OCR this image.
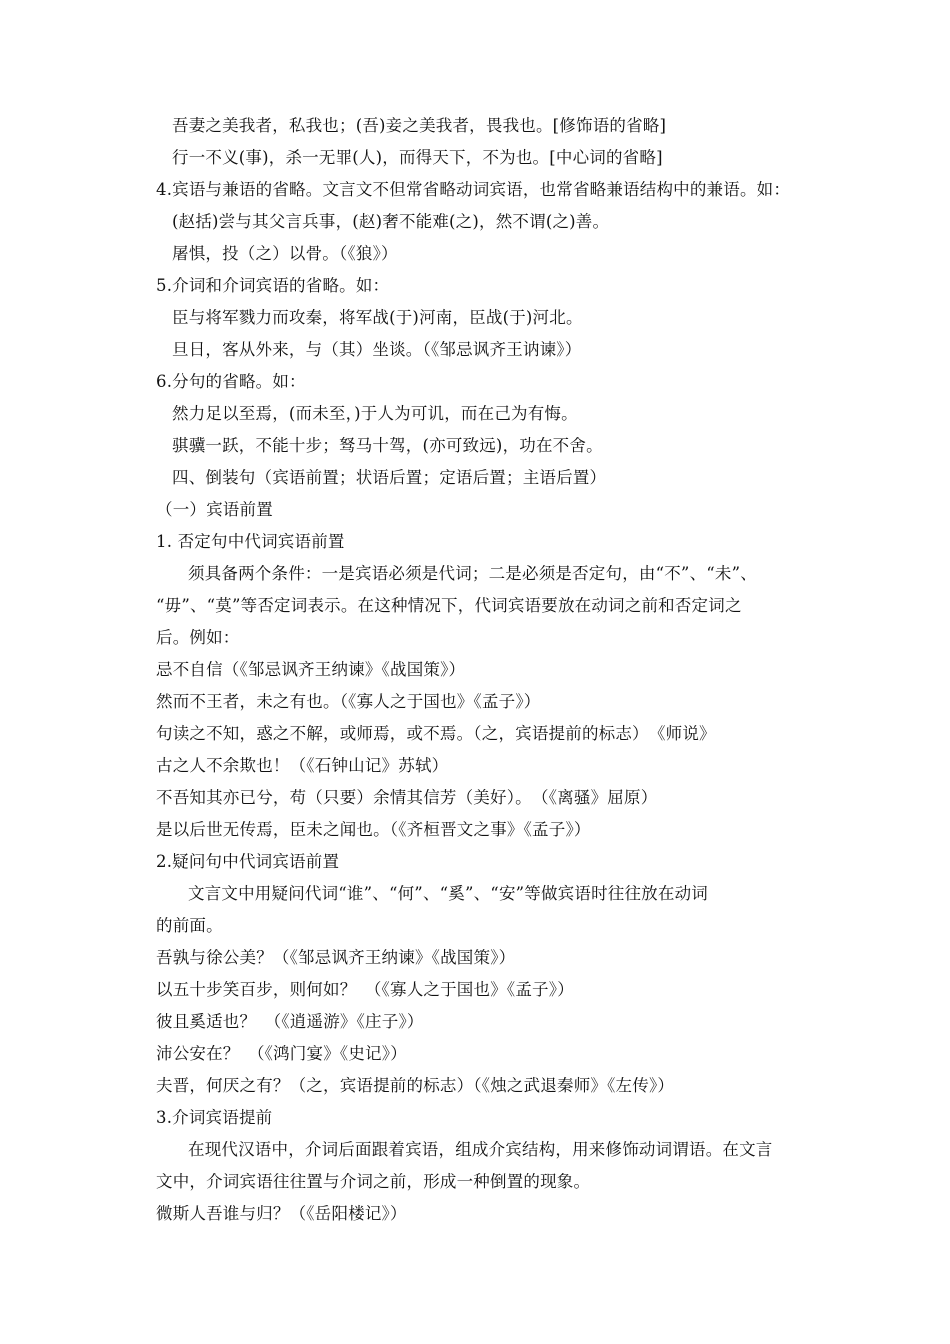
吾妻之美我者，私我也；(吾)妾之美我者，畏我也。[修饰语的省略]

行一不义(事)，杀一无罪(人)，而得天下，不为也。[中心词的省略]

4.宾语与兼语的省略。文言文不但常省略动词宾语，也常省略兼语结构中的兼语。如：

(赵括)尝与其父言兵事，(赵)奢不能难(之)，然不谓(之)善。

屠惧，投（之）以骨。（《狼》）

5.介词和介词宾语的省略。如：

臣与将军戮力而攻秦，将军战(于)河南，臣战(于)河北。

旦日，客从外来，与（其）坐谈。（《邹忌讽齐王讷谏》）

6.分句的省略。如：

然力足以至焉，(而未至，)于人为可讥，而在己为有悔。

骐骥一跃，不能十步；驽马十驾，(亦可致远)，功在不舍。

四、倒装句（宾语前置；状语后置；定语后置；主语后置）

（一）宾语前置

1. 否定句中代词宾语前置

须具备两个条件：一是宾语必须是代词；二是必须是否定句，由“不”、“未”、

“毋”、“莫”等否定词表示。在这种情况下，代词宾语要放在动词之前和否定词之

后。例如：

忌不自信（《邹忌讽齐王纳谏》《战国策》）

然而不王者，未之有也。（《寡人之于国也》《孟子》）

句读之不知，惑之不解，或师焉，或不焉。（之，宾语提前的标志）　《师说》

古之人不余欺也！（《石钟山记》苏轼）

不吾知其亦已兮，苟（只要）余情其信芳（美好）。　（《离骚》屈原）

是以后世无传焉，臣未之闻也。（《齐桓晋文之事》《孟子》）

2.疑问句中代词宾语前置

文言文中用疑问代词“谁”、“何”、“奚”、“安”等做宾语时往往放在动词

的前面。

吾孰与徐公美？（《邹忌讽齐王纳谏》《战国策》）

以五十步笑百步，则何如？　（《寡人之于国也》《孟子》）

彼且奚适也？　（《逍遥游》《庄子》）

沛公安在？　（《鸿门宴》《史记》）

夫晋，何厌之有？（之，宾语提前的标志）（《烛之武退秦师》《左传》）

3.介词宾语提前

在现代汉语中，介词后面跟着宾语，组成介宾结构，用来修饰动词谓语。在文言

文中，介词宾语往往置与介词之前，形成一种倒置的现象。

微斯人吾谁与归？（《岳阳楼记》）
